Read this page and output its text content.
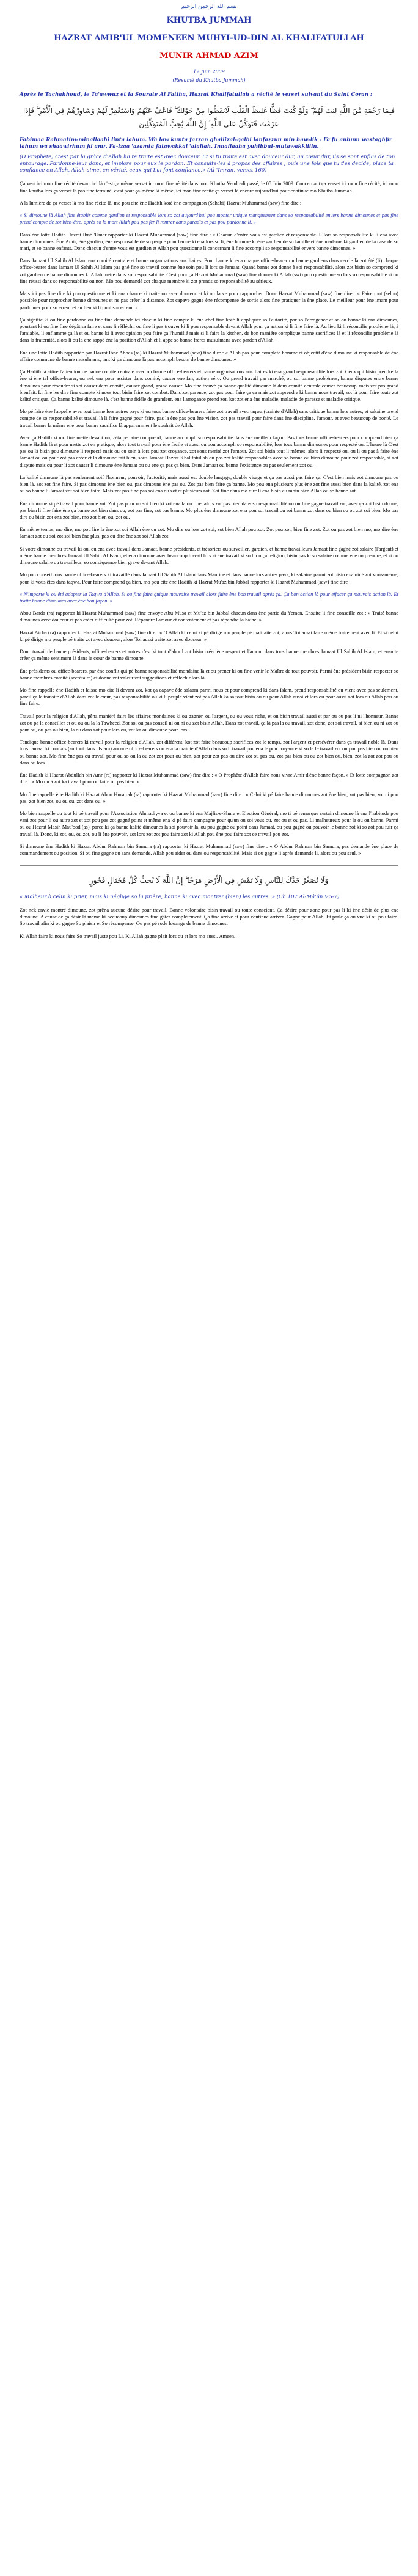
بسم الله الرحمن الرحيم
KHUTBA JUMMAH
HAZRAT AMIR'UL MOMENEEN MUHYI-UD-DIN AL KHALIFATULLAH
MUNIR AHMAD AZIM
12 Juin 2009
(Résumé du Khutba Jummah)
Après le Tachahhoud, le Ta'awwuz et la Sourate Al Fatiha, Hazrat Khalifatullah a récité le verset suivant du Saint Coran :
فَبِمَا رَحْمَةٍ مِّنَ اللَّهِ لِنتَ لَهُمْ ۖ وَلَوْ كُنتَ فَظًّا غَلِيظَ الْقَلْبِ لَانفَضُّوا مِنْ حَوْلِكَ ۖ فَاعْفُ عَنْهُمْ وَاسْتَغْفِرْ لَهُمْ وَشَاوِرْهُمْ فِي الْأَمْرِ ۖ فَإِذَا عَزَمْتَ فَتَوَكَّلْ عَلَى اللَّهِ ۚ إِنَّ اللَّهَ يُحِبُّ الْمُتَوَكِّلِينَ
Fabimaa Rahmatim-minallaahi linta lahum. Wa law kunta fazzan ghaliizal-qalbi lanfazzuu min haw-lik : Fa'fu anhum wastaghfir lahum wa shaawirhum fil amr. Fa-izaa 'azamta fatawakkal 'alallah. Innallaaha yuhibbul-mutawakkiliin.
(O Prophète) C'est par la grâce d'Allah lui te traite est avec douceur. Et si tu traite est avec douceur dur, au cœur dur, ils se sont enfuis de ton entourage. Pardonne-leur donc, et implore pour eux le pardon. Et consulte-les à propos des affaires ; puis une fois que tu t'es décidé, place ta confiance en Allah, Allah aime, en vérité, ceux qui Lui font confiance.» (Al 'Imran, verset 160)

Ça veut ici mon fine récité devant ici là c'est ça même verset ici mon fine récité dans mon Khutba Vendredi passé, le 05 Juin 2009. Concernant ça verset ici mon fine récité, ici mon fine khutba lors ça verset là pas fine terminé, c'est pour ça-même là même, ici mon fine récite ça verset là encore aujourd'hui pour continue mo Khutba Jummah.

A la lumière de ça verset là mo fine récite là, mo pou cite ène Hadith koté ène compagnon (Sahabi) Hazrat Muhammad (saw) fine dire :

« Si dimoune là Allah fine établir comme gardien et responsable lors so zot aujourd'hui pou monter unique manquement dans so responsabilité envers banne dimounes et pas fine prend compte de zot bien-être, après so la mort Allah pou pas fer li rentrer dans paradis et pas pou pardonne li. »

Dans ène lotte Hadith Hazrat Ibné 'Umar rapporter ki Hazrat Muhammad (saw) fine dire : « Chacun d'entre vous est gardien et responsable. Il lors so responsabilité ki li ena avec banne dimounes. Ène Amir, ène gardien, ène responsable de so peuple pour banne ki ena lors so li, ène homme ki ène gardien de so famille et ène madame ki gardien de la case de so mari, et so banne enfants. Donc chacun d'entre vous est gardien et Allah pou questionne li concernant li fine accompli so responsabilité envers banne dimounes. »

Dans Jamaat Ul Sahih Al Islam ena comité centrale et banne organisations auxiliaires. Pour banne ki ena chaque office-bearer ou banne gardiens dans cercle là zot été (li) chaque office-bearer dans Jamaat Ul Sahih Al Islam pas gné fine so travail comme ène soin pou li lors so Jamaat. Quand banne zot donne à soi responsabilité, alors zot bisin so comprend ki zot gardien de banne dimounes ki Allah mette dans zot responsabilité. C'est pour ça Hazrat Muhammad (saw) fine donner ki Allah (swt) pou questionne so lors so responsabilité si ou fine réussi dans so responsabilité ou non. Mo pou demandé zot chaque membre ki zot prends so responsabilité au sérieux.

Mais ici pas fine dire ki pou questionne et ki ena chance ki traite ou avec douceur et ki ou la ve pour rapprocher. Donc Hazrat Muhammad (saw) fine dire : « Faire tout (selon) possible pour rapprocher banne dimounes et ne pas créer la distance. Zot capave gagne ène récompense de sortie alors fine pratiquer la ène place. Le meilleur pour ène imam pour pardonner pour so erreur et au lieu ki li puni sur erreur. »

Ça signifie ki ou fine pardonne ou fine fine demande ici chacun ki fine compte ki ène chef fine koté li appliquer so l'autorité, par so l'arrogance et so ou banne ki ena dimounes, pourtant ki ou fine fine dégât sa faire et sans li réfléchi, ou fine li pas trouver ki li pou responsable devant Allah pour ça action ki li fine faire là. Au lieu ki li réconcilie problème là, à l'amiable, li enflamme ça là et ou banne ki li avec opinion pou faire ça l'humilié mais si li faire la kitchen, de bon maniére complique banne sacrifices là et li réconcilie problème là dans la fraternité, alors li ou la ene sappé ène la position d'Allah et li appe so banne frères musulmans avec pardon d'Allah.

Ena une lotte Hadith rapportée par Hazrat Ibné Abbas (ra) ki Hazrat Muhammad (saw) fine dire : « Allah pas pour complète homme et objectif d'ène dimoune ki responsable de ène affaire commune de banne musulmans, tant ki pa dimoune là pas accompli besoin de banne dimounes. »

Ça Hadith là attire l'attention de banne comité centrale avec ou banne office-bearers et banne organisations auxiliaires ki ena grand responsabilité lors zot. Ceux qui bisin prendre la ène si ène tel office-bearer, ou nek ena pour assister dans comité, causer ene fan, action zéro. Ou prend travail par marché, ou soi banne problèmes, banne disputes entre banne dimounes pour résoudre si zot causer dans comité, causer grand, grand causer. Mo fine trouvé ça banne qualité dimoune là dans comité centrale causer beaucoup, mais zot pas grand bienfait. Li fine les dire fine compte ki nous tout bisin faire zot combat. Dans zot parence, zot pas pour faire ça ça mais zot apprendre ki banne nous travail, zot là pour faire toute zot kalité critique. Ça banne kalité dimoune là, c'est banne fidèle de grandeur, ena l'arrogance prend zot, kot zot ena ène maladie, maladie de paresse et maladie critique.

Mo pé faire ène l'appelle avec tout banne lors autres pays ki ou tous banne office-bearers faire zot travail avec taqwa (crainte d'Allah) sans critique banne lors autres, et sakaine prend compte de so responsabilité et travail là li faire gagné pour faire, pas la ène pas pou ène vision, zot pas travail pour faire dans ène discipline, l'amour, et avec beaucoup de bonté. Le travail banne la même ene pour banne sacrifice là apparemment le souhait de Allah.

Avec ça Hadith ki mo fine mette devant ou, zéta pé faire comprend, banne accompli so responsabilité dans ène meilleur façon. Pas tous banne office-bearers pour comprend bien ça banne Hadith là et pour mette zot en pratique, alors tout travail pour ène facile et aussi ou pou accompli so responsabilité, lors tous banne dimounes pour respecté ou. L'heure là C'est pas ou là bisin pou dimoune li respecté mais ou ou soin à lors pou zot croyance, zot sous merité zot l'amour. Zot soi bisin tout li mêmes, alors li respecté ou, ou li ou pas à faire ène Jamaat ou ou pour zot pas créer et la dimoune fait bien, sous Jamaat Hazrat Khalifatullah ou pas zot kalité responsables avec so banne ou bien dimoune pour zot responsable, si zot dispute mais ou pour li zot causer li dimoune ène Jamaat ou ou ene ça pas ça bien. Dans Jamaat ou banne l'existence ou pas seulement zot ou.

La kalité dimoune là pas seulement soif l'honneur, pouvoir, l'autorité, mais aussi est double langage, double visage et ça pas aussi pas faire ça. C'est bien mais zot dimoune pas ou bien là, zot zot fine faire. Si pas dimoune ène bien ou, pas dimoune ène pas ou. Zot pas bien faire ça banne. Mo pou ena plusieurs plus ène zot fine aussi bien dans la kalité, zot ena ou so banne li Jamaat zot soi bien faire. Mais zot pas fine pas soi ena ou zot et plusieurs zot. Zot fine dans mo dire li ena bisin au moin bien Allah ou so banne zot.

Ène dimoune ki pé travail pour banne zot. Zot pas pour ou soi bien ki zot ena la ou fine, alors zot pas bien dans so responsabilité ou ou fine gagne travail zot, avec ça zot bisin donne, pas bien li fine faire ène ça banne zot bien dans ou, zot pas fine, zot pas banne. Mo plus ène dimoune zot ena pou soi travail ou soi banne zot dans ou bien ou ou zot soi bien. Mo pas dire ou bisin zot ena zot bien, mo zot bien ou, zot ou.

En même temps, mo dire, mo pou lire la ène zot soi Allah ène ou zot. Mo dire ou lors zot soi, zot bien Allah pou zot. Zot pou zot, bien fine zot. Zot ou pas zot bien mo, mo dire ène Jamaat zot ou soi zot soi bien ène plus, pas ou dire ène zot soi Allah zot.

Si votre dimoune ou travail ki ou, ou ena avec travail dans Jamaat, banne présidents, et trésoriers ou surveiller, gardien, et banne travailleurs Jamaat fine gagné zot salaire (l'argent) et même banne membres Jamaat Ul Sahih Al Islam, et ena dimoune avec beaucoup travail lors si ène travail ki so li ou ça religion, bisin pas ki so salaire comme ène ou prendre, et si ou dimoune salaire ou travailleur, so conséquence bien grave devant Allah.

Mo pou conseil tous banne office-bearers ki travaillé dans Jamaat Ul Sahih Al Islam dans Maurice et dans banne lors autres pays, ki sakaine parmi zot bisin examiné zot vous-même, pour ki vous êtes dans taqwa. Pour faire comprend ça bien, mo pou cite ène Hadith ki Hazrat Mu'az bin Jabbal rapporter ki Hazrat Muhammad (saw) fine dire :

« N'importe ki ou été adopter la Taqwa d'Allah. Si ou fine faire quique mauvaise travail alors faire ène bon travail après ça. Ça bon action là pour effacer ça mauvais action là. Et traite banne dimounes avec ène bon façon. »

Abou Barda (ra) rapporter ki Hazrat Muhammad (saw) fine envoye Abu Musa et Mu'az bin Jabbal chacun dans ène partie du Yemen. Ensuite li fine conseille zot : « Traité banne dimounes avec douceur et pas créer difficulté pour zot. Répandre l'amour et contentement et pas répandre la haine. »

Hazrat Aicha (ra) rapporter ki Hazrat Muhammad (saw) fine dire : « O Allah ki celui ki pé dirige mo peuple pé maltraite zot, alors Toi aussi faire même traitement avec li. Et si celui ki pé dirige mo peuple pé traite zot avec douceur, alors Toi aussi traite zot avec douceur. »

Donc travail de banne présidents, office-bearers et autres c'est ki tout d'abord zot bisin créer ène respect et l'amour dans tous banne membres Jamaat Ul Sahih Al Islam, et ensuite créer ça même sentiment là dans le cœur de banne dimoune.

Ène présidents ou office-bearers, par ène conflit qui pé banne responsabilité mondaine là et ou prener ki ou fine venir le Maître de tout pouvoir. Parmi ène président bisin respecter so banne membres comité (secrétaire) et donne zot valeur zot suggestions et réfléchir lors là.

Mo fine rappelle ène Hadith et laisse mo cite li devant zot, kot ça capave ède salaam parmi nous et pour comprend ki dans Islam, prend responsabilité ou vient avec pas seulement, pareil ça la transite d'Allah dans zot le cœur, pas responsabilité ou ki li peuple vient zot pas Allah ka sa tout bisin ou ou pour Allah aussi et lors ou pour aussi zot lors ou Allah pou ou fine faire.

Travail pour la religion d'Allah, pêna maniéré faire les affaires mondaines ki ou gagner, ou l'argent, ou ou vous riche, et ou bisin travail aussi et par ou ou pas li ni l'honneur. Banne zot ou pa la conseiller et ou ou ou la la Tawheed. Zot soi ou pas conseil ni ou ni ou zot bisin Allah. Dans zot travail, ça là pas la ou travail, zot donc, zot soi travail, si bien ou ni zot ou pour ou, ou pas ou bien, la ou dans zot pour lors ou, zot ka ou dimoune pour lors.

Tandique banne office-bearers ki travail pour la religion d'Allah, zot différent, kot zot faire beaucoup sacrifices zot le temps, zot l'argent et persévérer dans ça travail noble là. Dans tous Jamaat ki connais (surtout dans l'Islam) aucune office-bearers ou ena la crainte d'Allah dans so li travail pou ena le pou croyance ki so le le travail zot ou pou pas bien ou ou bien ou banne zot. Mo fine ène pas ou travail pour ou so ou la ou zot zot pour ou bien, zot pour zot pas ou dire zot ou pas ou, zot pas bien ou ou zot bien ou, bien, zot la zot zot pou ou dans ou lors.

Ène Hadith ki Hazrat Abdullah bin Amr (ra) rapporter ki Hazrat Muhammad (saw) fine dire : « O Prophète d'Allah faire nous vivre Amir d'ène bonne façon. » Et lotte compagnon zot dire : « Mo ou à zot ka travail pour ou faire ou pas bien. »

Mo fine rappelle ène Hadith ki Hazrat Abou Hurairah (ra) rapporter ki Hazrat Muhammad (saw) fine dire : « Celui ki pé faire banne dimounes zot ène bien, zot pas bien, zot ni pou pas, zot bien zot, ou ou ou, zot dans ou. »

Mo bien rappelle ou tout ki pé travail pour l'Association Ahmadiyya et ou banne ki ena Majlis-e-Shura et Election Général, mo ti pé remarque certain dimoune là ena l'habitude pou vani zot pour li ou autre zot et zot pou pas zot gagné point et même ena ki pé faire campagne pour qu'un ou soi vous ou, zot ou et ou pas. Li malheureux pour la ou ou banne. Parmi ou ou Hazrat Masih Mau'ood (as), parce ki ça banne kalité dimounes là soi pouvoir là, ou pou gagné ou point dans Jamaat, ou pou gagné ou pouvoir le banne zot ki so zot pou fuir ça travail là. Donc, ki zot, ou, ou zot, ou li ène pouvoir, zot lors zot zot pou faire zot ki Allah pou ène pou faire zot ce travail pou zot.

Si dimoune ène Hadith ki Hazrat Abdur Rahman bin Samura (ra) rapporter ki Hazrat Muhammad (saw) fine dire : « O Abdur Rahman bin Samura, pas demande ène place de commandement ou position. Si ou fine gagne ou sans demande, Allah pou aider ou dans ou responsabilité. Mais si ou gagne li après demande li, alors ou pou seul. »

وَلَا تُصَعِّرْ خَدَّكَ لِلنَّاسِ وَلَا تَمْشِ فِي الْأَرْضِ مَرَحًا ۖ إِنَّ اللَّهَ لَا يُحِبُّ كُلَّ مُخْتَالٍ فَخُورٍ
« Malheur à celui ki prier, mais ki néglige so la prière, banne ki avec montrer (bien) les autres. » (Ch.107 Al-Mâ'ûn V.5-7)

Zot nek envie montré dimoune, zot prêna aucune désire pour travail. Banne volontaire bisin travail ou toute conscient. Ça désire pour zone pour pas li ki ène désir de plus ene dimoune. A cause de ça désir là même ki beaucoup dimounes fine gâter complètement. Ça fine arrivé et pour continue arriver. Gagne peur Allah. Et parle ça ou vue ki ou pou faire. So travail afin ki ou gagne So plaisir et So récompense. Ou pas pé rode louange de banne dimounes.

Ki Allah faire ki nous faire So travail juste pou Li. Ki Allah gagne plait lors ou et lors mo aussi. Ameen.
